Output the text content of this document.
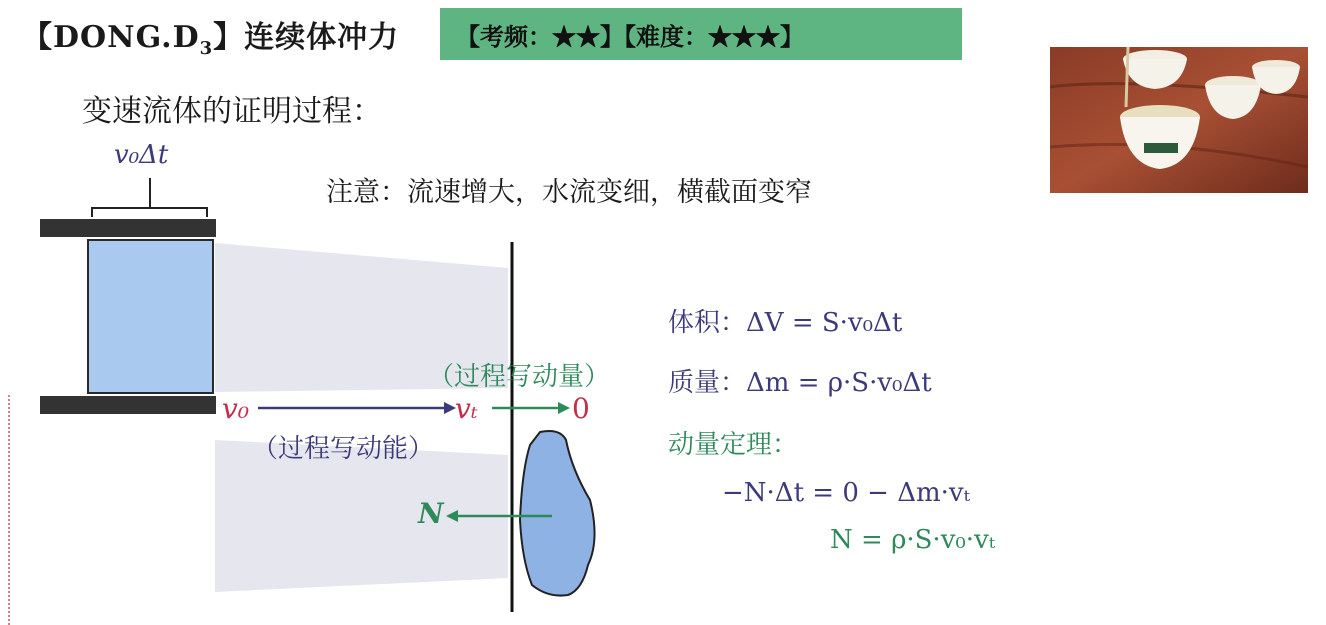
【$DONG.D_3$】连续体冲力 【考频：★★】【难度：★★★】
变速流体的证明过程：
注意：流速增大，水流变细，横截面变窄
v₀Δt
v₀	vₜ	0
N
（过程写动能）
（过程写动量）
体积：ΔV = S·v₀Δt
质量：Δm = ρ·S·v₀Δt
动量定理：
−N·Δt = 0 − Δm·vₜ
N = ρ·S·v₀·vₜ
